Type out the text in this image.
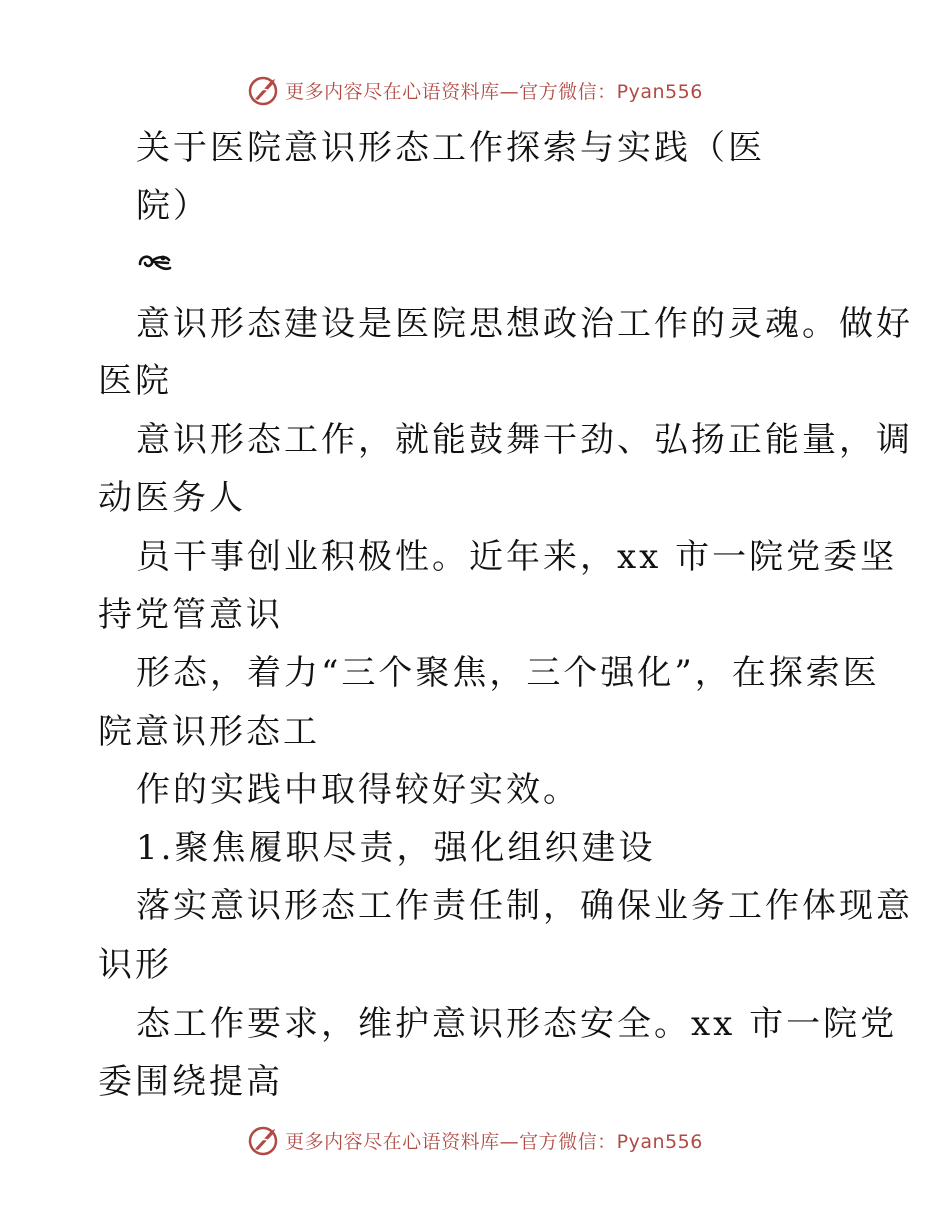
更多内容尽在心语资料库—官方微信：Pyan556
关于医院意识形态工作探索与实践（医
院）
意识形态建设是医院思想政治工作的灵魂。做好
医院
意识形态工作，就能鼓舞干劲、弘扬正能量，调
动医务人
员干事创业积极性。近年来，xx 市一院党委坚
持党管意识
形态，着力“三个聚焦，三个强化”，在探索医
院意识形态工
作的实践中取得较好实效。
1.聚焦履职尽责，强化组织建设
落实意识形态工作责任制，确保业务工作体现意
识形
态工作要求，维护意识形态安全。xx 市一院党
委围绕提高
更多内容尽在心语资料库—官方微信：Pyan556
